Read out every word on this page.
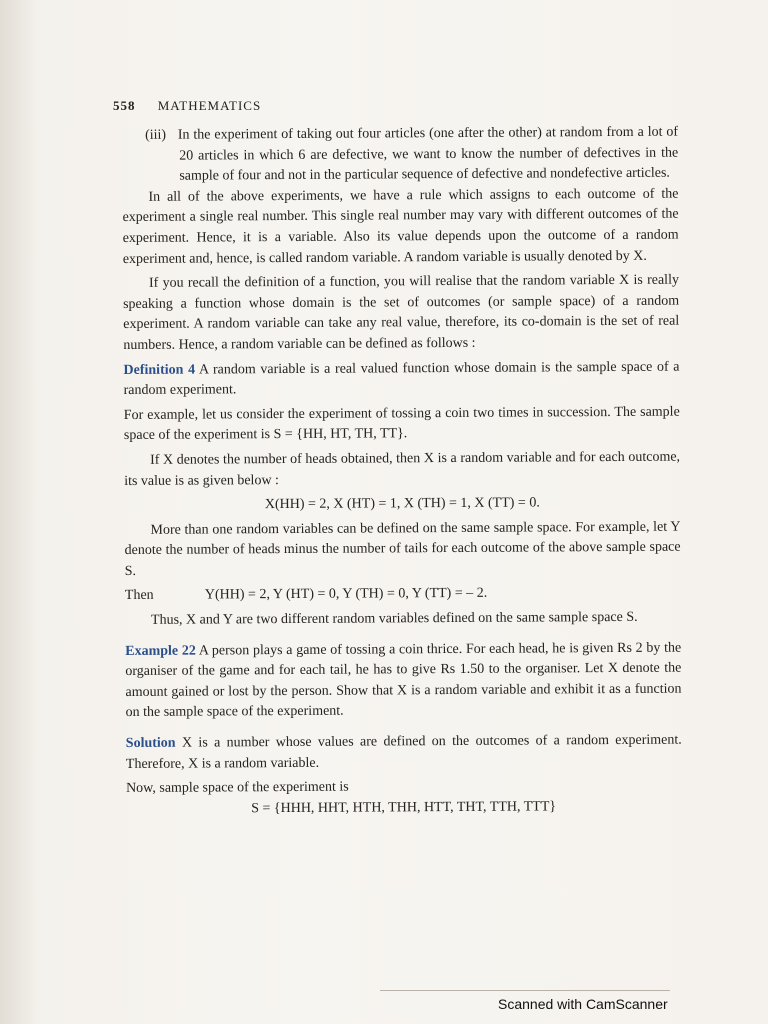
558 MATHEMATICS

(iii) In the experiment of taking out four articles (one after the other) at random from a lot of 20 articles in which 6 are defective, we want to know the number of defectives in the sample of four and not in the particular sequence of defective and nondefective articles.

In all of the above experiments, we have a rule which assigns to each outcome of the experiment a single real number. This single real number may vary with different outcomes of the experiment. Hence, it is a variable. Also its value depends upon the outcome of a random experiment and, hence, is called random variable. A random variable is usually denoted by X.

If you recall the definition of a function, you will realise that the random variable X is really speaking a function whose domain is the set of outcomes (or sample space) of a random experiment. A random variable can take any real value, therefore, its co-domain is the set of real numbers. Hence, a random variable can be defined as follows :

Definition 4 A random variable is a real valued function whose domain is the sample space of a random experiment.

For example, let us consider the experiment of tossing a coin two times in succession. The sample space of the experiment is S = {HH, HT, TH, TT}.

If X denotes the number of heads obtained, then X is a random variable and for each outcome, its value is as given below :

X(HH) = 2, X (HT) = 1, X (TH) = 1, X (TT) = 0.

More than one random variables can be defined on the same sample space. For example, let Y denote the number of heads minus the number of tails for each outcome of the above sample space S.

Then	Y(HH) = 2, Y (HT) = 0, Y (TH) = 0, Y (TT) = – 2.

Thus, X and Y are two different random variables defined on the same sample space S.

Example 22 A person plays a game of tossing a coin thrice. For each head, he is given Rs 2 by the organiser of the game and for each tail, he has to give Rs 1.50 to the organiser. Let X denote the amount gained or lost by the person. Show that X is a random variable and exhibit it as a function on the sample space of the experiment.

Solution X is a number whose values are defined on the outcomes of a random experiment. Therefore, X is a random variable.

Now, sample space of the experiment is

S = {HHH, HHT, HTH, THH, HTT, THT, TTH, TTT}

Scanned with CamScanner
